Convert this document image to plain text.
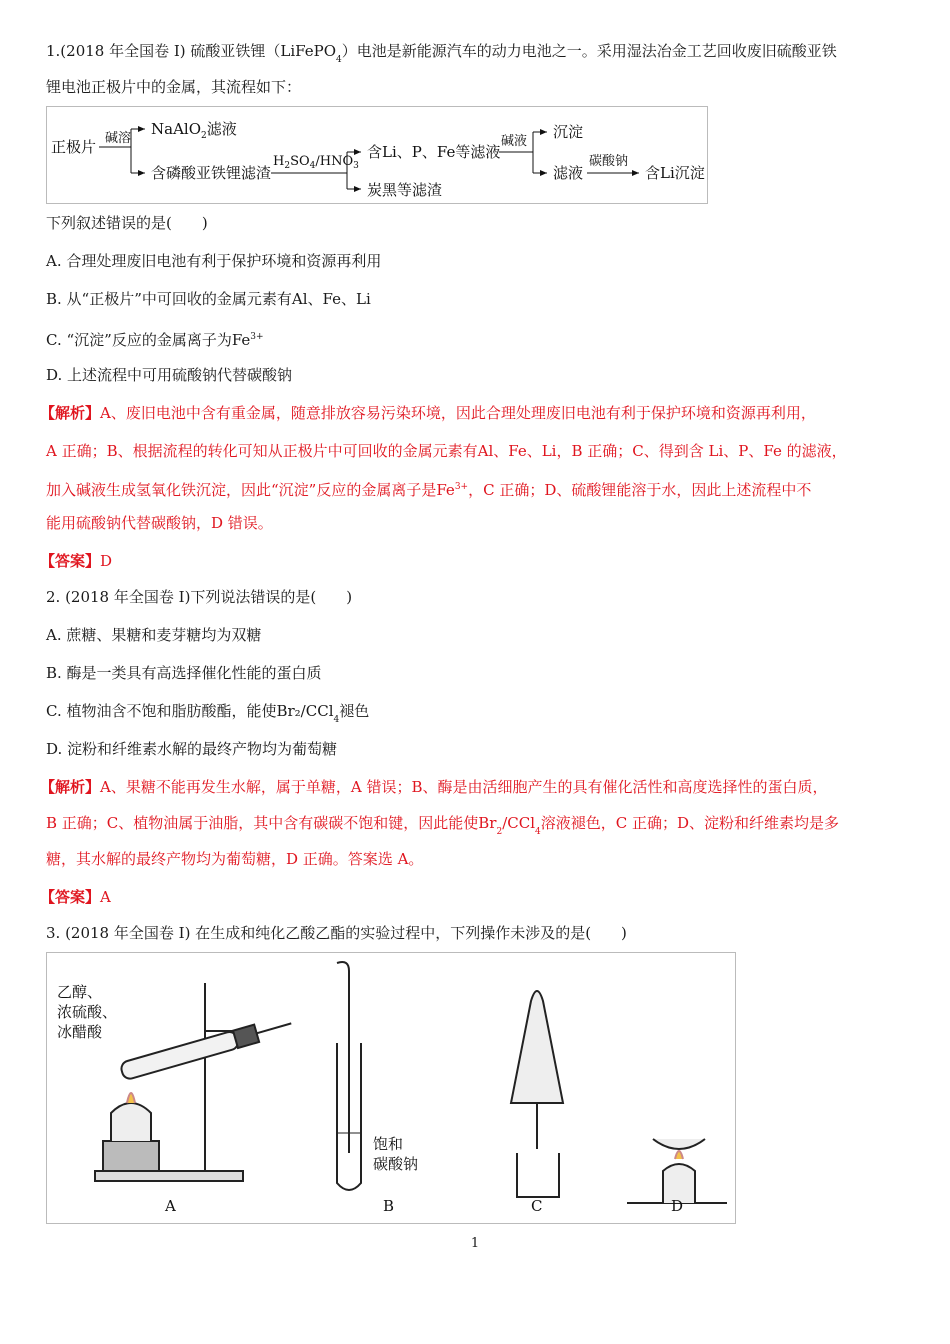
1.(2018 年全国卷 I) 硫酸亚铁锂（LiFePO$_4$）电池是新能源汽车的动力电池之一。采用湿法冶金工艺回收废旧硫酸亚铁
锂电池正极片中的金属，其流程如下：
正极片 碱溶
NaAlO$_2$滤液
含磷酸亚铁锂滤渣
$H_2SO_4/HNO_3$
含Li、P、Fe等滤液
炭黑等滤渣
碱液
沉淀
滤液
碳酸钠
含Li沉淀
下列叙述错误的是(　　)
A. 合理处理废旧电池有利于保护环境和资源再利用
B. 从“正极片”中可回收的金属元素有Al、Fe、Li
C. “沉淀”反应的金属离子为$Fe^{3+}$
D. 上述流程中可用硫酸钠代替碳酸钠
【解析】A、废旧电池中含有重金属，随意排放容易污染环境，因此合理处理废旧电池有利于保护环境和资源再利用，
A 正确；B、根据流程的转化可知从正极片中可回收的金属元素有Al、Fe、Li，B 正确；C、得到含 Li、P、Fe 的滤液，
加入碱液生成氢氧化铁沉淀，因此“沉淀”反应的金属离子是$Fe^{3+}$，C 正确；D、硫酸锂能溶于水，因此上述流程中不
能用硫酸钠代替碳酸钠，D 错误。
【答案】D
2. (2018 年全国卷 I)下列说法错误的是(　　)
A. 蔗糖、果糖和麦芽糖均为双糖
B. 酶是一类具有高选择催化性能的蛋白质
C. 植物油含不饱和脂肪酸酯，能使Br₂/CCl$_4$褪色
D. 淀粉和纤维素水解的最终产物均为葡萄糖
【解析】A、果糖不能再发生水解，属于单糖，A 错误；B、酶是由活细胞产生的具有催化活性和高度选择性的蛋白质，
B 正确；C、植物油属于油脂，其中含有碳碳不饱和键，因此能使$Br_2/CCl_4$溶液褪色，C 正确；D、淀粉和纤维素均是多
糖，其水解的最终产物均为葡萄糖，D 正确。答案选 A。
【答案】A
3. (2018 年全国卷 I) 在生成和纯化乙酸乙酯的实验过程中，下列操作未涉及的是(　　)
乙醇、
浓硫酸、
冰醋酸
饱和
碳酸钠
A	B	C	D
1
